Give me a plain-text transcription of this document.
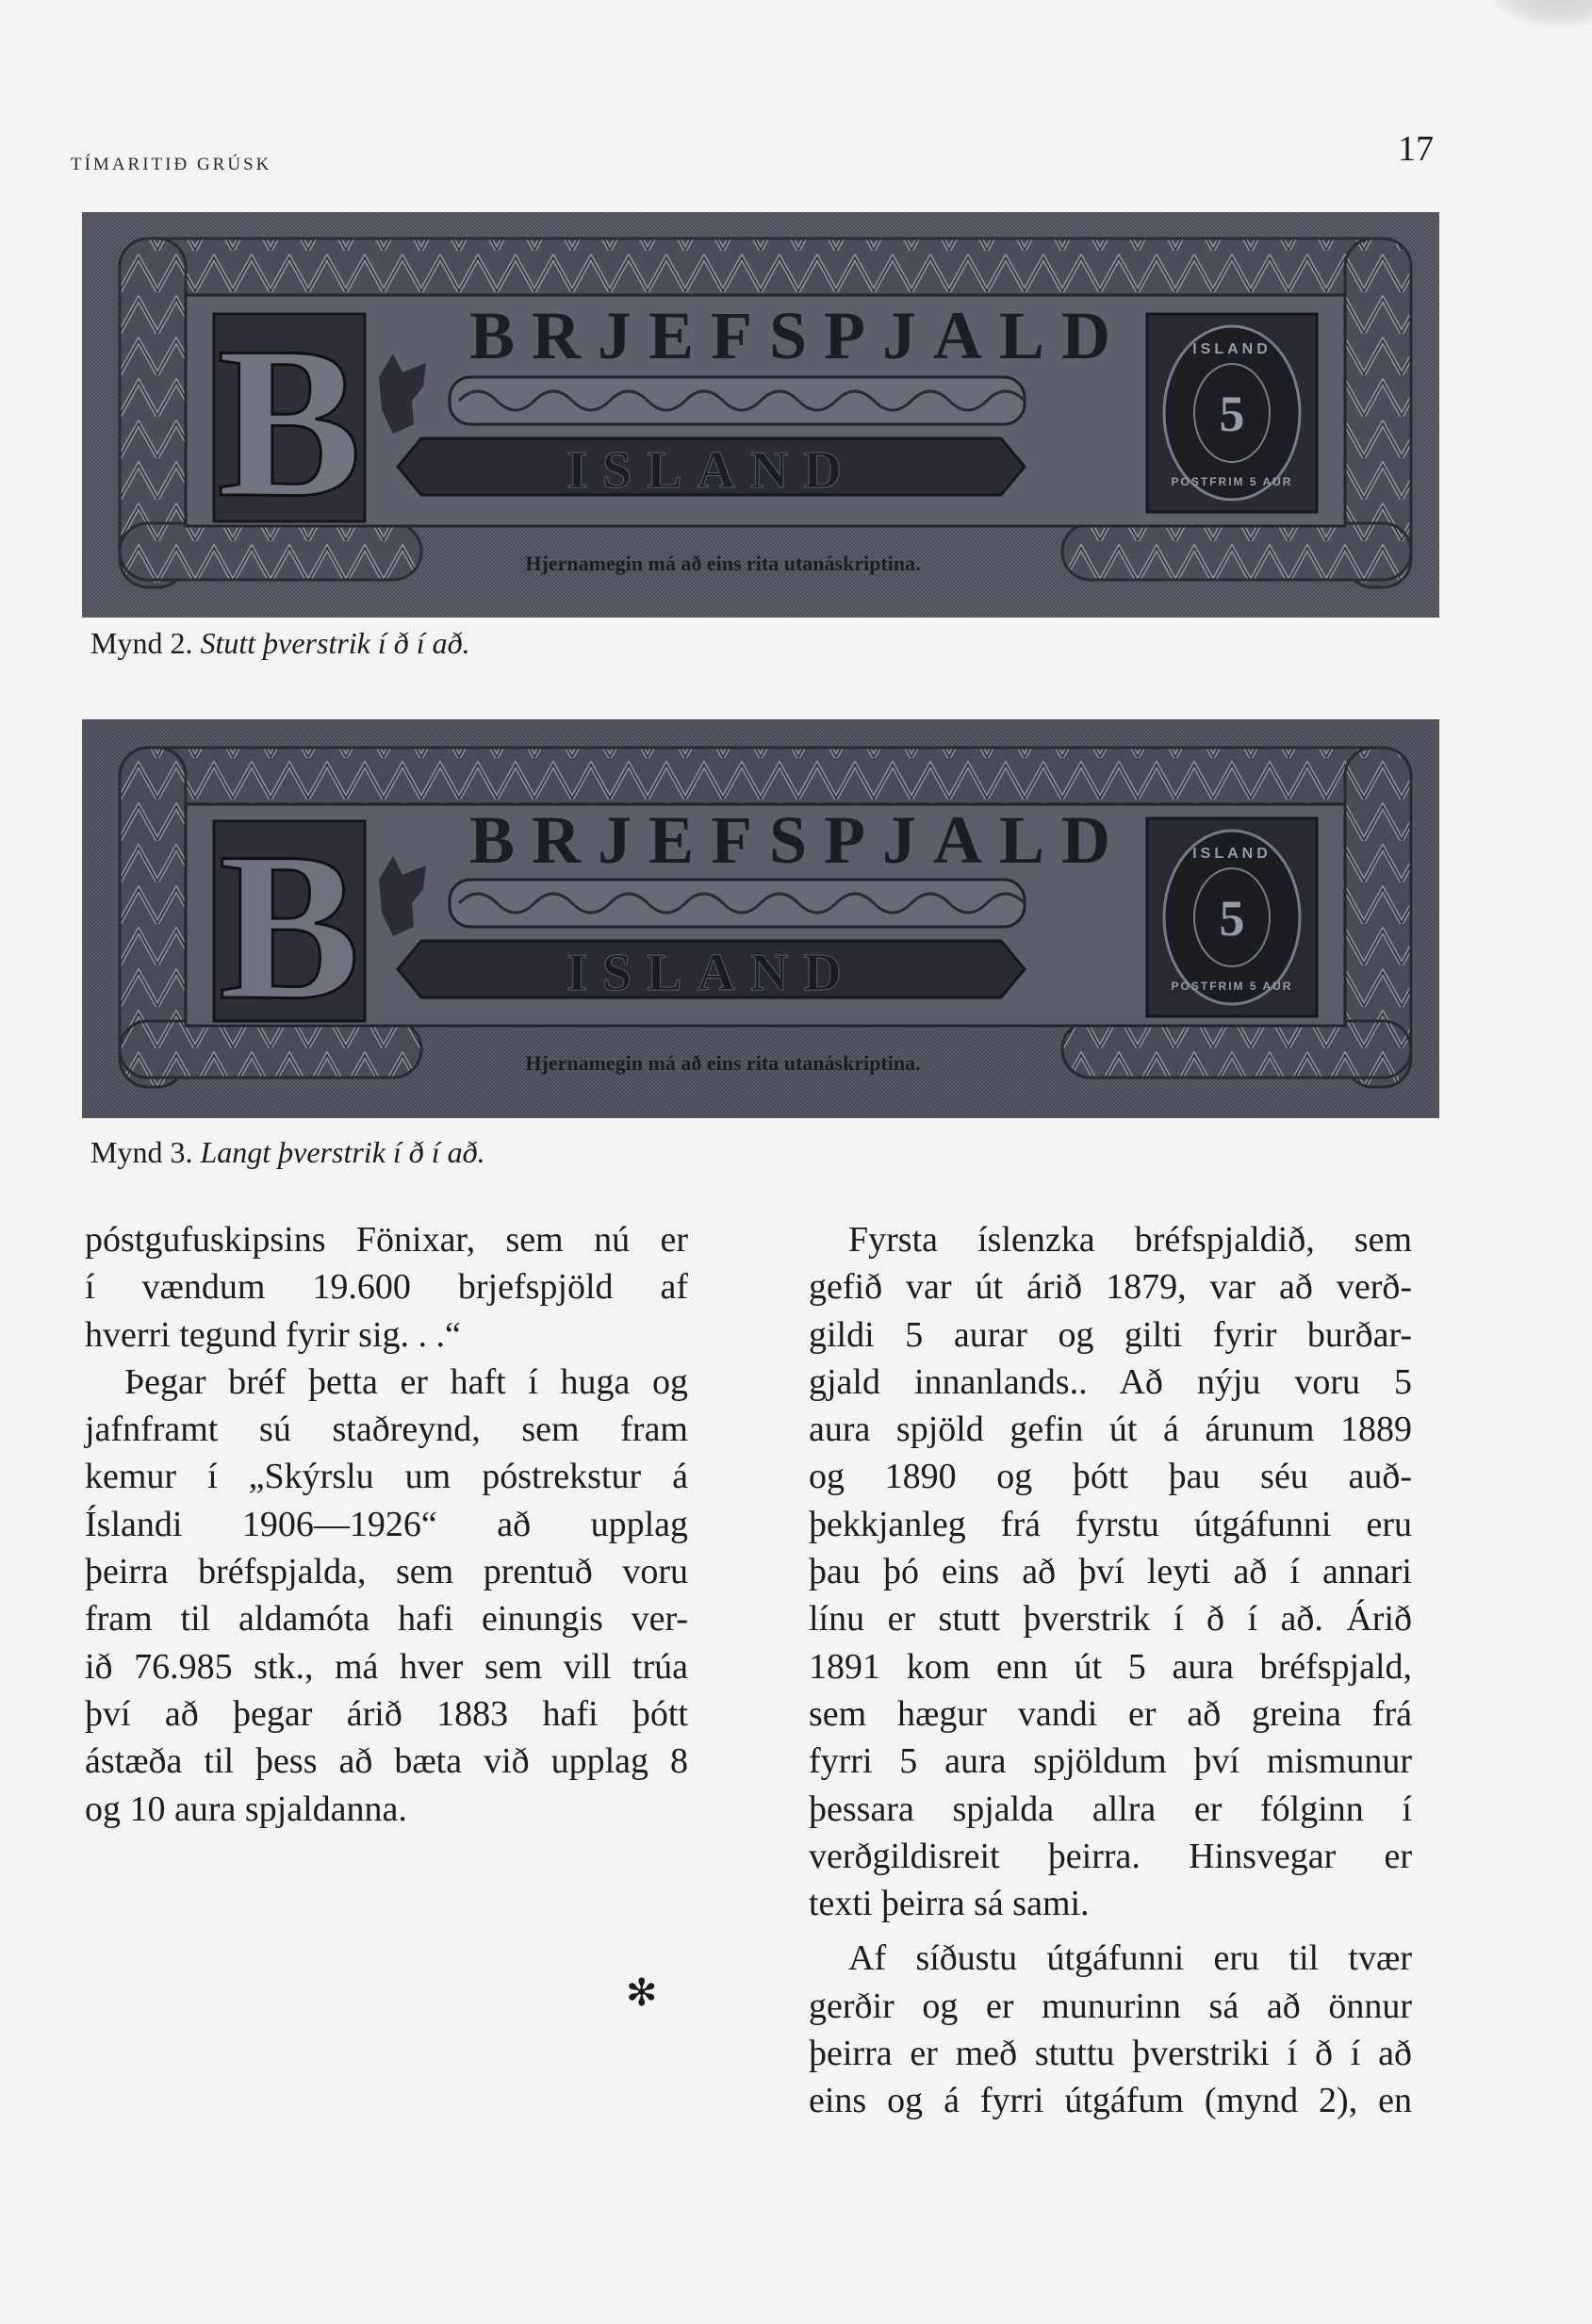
TÍMARITIÐ GRÚSK	17
B BRJEFSPJALD
ISLAND
5
ISLAND
POSTFRIM 5 AUR
Hjernamegin má að eins rita utanáskriptina.
Mynd 2. Stutt þverstrik í ð í að.
B BRJEFSPJALD
ISLAND
5
ISLAND
POSTFRIM 5 AUR
Hjernamegin má að eins rita utanáskriptina.
Mynd 3. Langt þverstrik í ð í að.
póstgufuskipsins Fönixar, sem nú er
í vændum 19.600 brjefspjöld af
hverri tegund fyrir sig. . .“
Þegar bréf þetta er haft í huga og
jafnframt sú staðreynd, sem fram
kemur í „Skýrslu um póstrekstur á
Íslandi 1906—1926“ að upplag
þeirra bréfspjalda, sem prentuð voru
fram til aldamóta hafi einungis ver-
ið 76.985 stk., má hver sem vill trúa
því að þegar árið 1883 hafi þótt
ástæða til þess að bæta við upplag 8
og 10 aura spjaldanna.
✻
Fyrsta íslenzka bréfspjaldið, sem
gefið var út árið 1879, var að verð-
gildi 5 aurar og gilti fyrir burðar-
gjald innanlands.. Að nýju voru 5
aura spjöld gefin út á árunum 1889
og 1890 og þótt þau séu auð-
þekkjanleg frá fyrstu útgáfunni eru
þau þó eins að því leyti að í annari
línu er stutt þverstrik í ð í að. Árið
1891 kom enn út 5 aura bréfspjald,
sem hægur vandi er að greina frá
fyrri 5 aura spjöldum því mismunur
þessara spjalda allra er fólginn í
verðgildisreit þeirra. Hinsvegar er
texti þeirra sá sami.
Af síðustu útgáfunni eru til tvær
gerðir og er munurinn sá að önnur
þeirra er með stuttu þverstriki í ð í að
eins og á fyrri útgáfum (mynd 2), en
